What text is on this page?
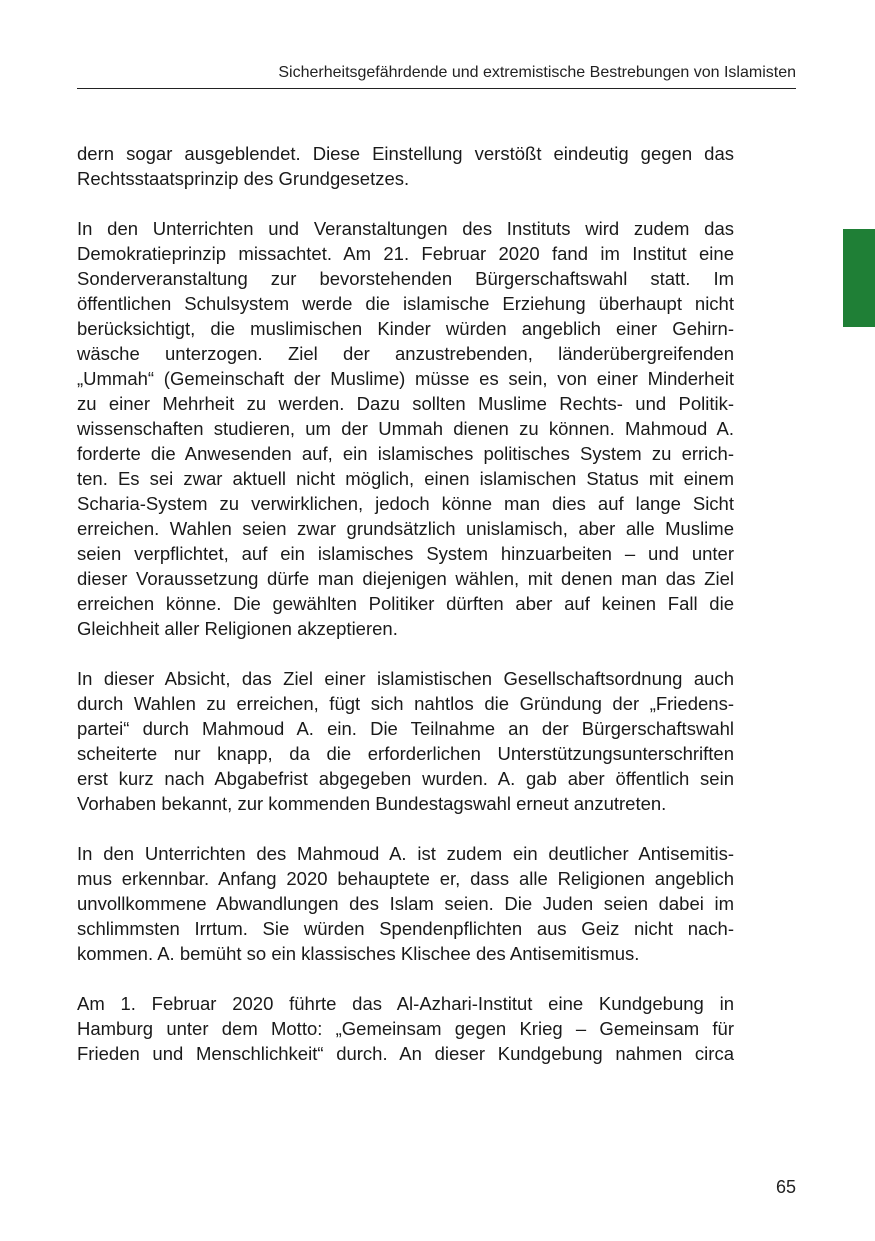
Sicherheitsgefährdende und extremistische Bestrebungen von Islamisten

dern sogar ausgeblendet. Diese Einstellung verstößt eindeutig gegen das
Rechtsstaatsprinzip des Grundgesetzes.

In den Unterrichten und Veranstaltungen des Instituts wird zudem das
Demokratieprinzip missachtet. Am 21. Februar 2020 fand im Institut eine
Sonderveranstaltung zur bevorstehenden Bürgerschaftswahl statt. Im
öffentlichen Schulsystem werde die islamische Erziehung überhaupt nicht
berücksichtigt, die muslimischen Kinder würden angeblich einer Gehirn-
wäsche unterzogen. Ziel der anzustrebenden, länderübergreifenden
„Ummah“ (Gemeinschaft der Muslime) müsse es sein, von einer Minderheit
zu einer Mehrheit zu werden. Dazu sollten Muslime Rechts- und Politik-
wissenschaften studieren, um der Ummah dienen zu können. Mahmoud A.
forderte die Anwesenden auf, ein islamisches politisches System zu errich-
ten. Es sei zwar aktuell nicht möglich, einen islamischen Status mit einem
Scharia-System zu verwirklichen, jedoch könne man dies auf lange Sicht
erreichen. Wahlen seien zwar grundsätzlich unislamisch, aber alle Muslime
seien verpflichtet, auf ein islamisches System hinzuarbeiten – und unter
dieser Voraussetzung dürfe man diejenigen wählen, mit denen man das Ziel
erreichen könne. Die gewählten Politiker dürften aber auf keinen Fall die
Gleichheit aller Religionen akzeptieren.

In dieser Absicht, das Ziel einer islamistischen Gesellschaftsordnung auch
durch Wahlen zu erreichen, fügt sich nahtlos die Gründung der „Friedens-
partei“ durch Mahmoud A. ein. Die Teilnahme an der Bürgerschaftswahl
scheiterte nur knapp, da die erforderlichen Unterstützungsunterschriften
erst kurz nach Abgabefrist abgegeben wurden. A. gab aber öffentlich sein
Vorhaben bekannt, zur kommenden Bundestagswahl erneut anzutreten.

In den Unterrichten des Mahmoud A. ist zudem ein deutlicher Antisemitis-
mus erkennbar. Anfang 2020 behauptete er, dass alle Religionen angeblich
unvollkommene Abwandlungen des Islam seien. Die Juden seien dabei im
schlimmsten Irrtum. Sie würden Spendenpflichten aus Geiz nicht nach-
kommen. A. bemüht so ein klassisches Klischee des Antisemitismus.

Am 1. Februar 2020 führte das Al-Azhari-Institut eine Kundgebung in
Hamburg unter dem Motto: „Gemeinsam gegen Krieg – Gemeinsam für
Frieden und Menschlichkeit“ durch. An dieser Kundgebung nahmen circa

65
